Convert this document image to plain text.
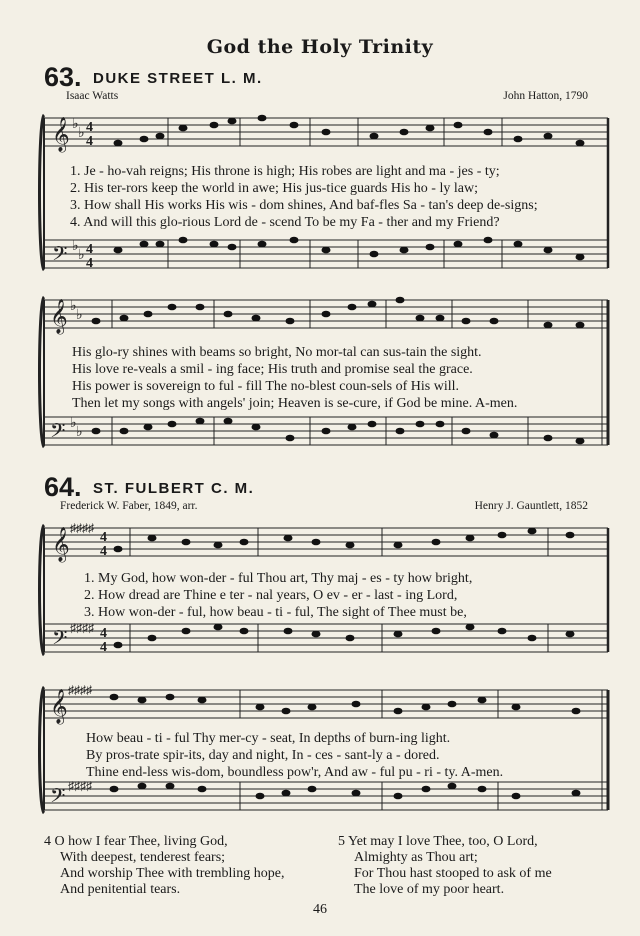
God the Holy Trinity
63. DUKE STREET L. M.
Isaac Watts	John Hatton, 1790
𝄞
𝄢
♭
♭
♭
♭
4
4
4
4
1. Je - ho-vah reigns; His throne is high; His robes are light and ma - jes - ty;
2. His ter-rors keep the world in awe; His jus-tice guards His ho - ly law;
3. How shall His works His wis - dom shines, And baf-fles Sa - tan's deep de-signs;
4. And will this glo-rious Lord de - scend To be my Fa - ther and my Friend?
𝄞
𝄢
♭
♭
♭
♭
His glo-ry shines with beams so bright, No mor-tal can sus-tain the sight.
His love re-veals a smil - ing face; His truth and promise seal the grace.
His power is sovereign to ful - fill The no-blest coun-sels of His will.
Then let my songs with angels' join; Heaven is se-cure, if God be mine. A-men.
64. ST. FULBERT C. M.
Frederick W. Faber, 1849, arr.	Henry J. Gauntlett, 1852
𝄞
𝄢
♯♯♯♯
♯♯♯♯
4
4
4
4
1. My God, how won-der - ful Thou art, Thy maj - es - ty how bright,
2. How dread are Thine e ter - nal years, O ev - er - last - ing Lord,
3. How won-der - ful, how beau - ti - ful, The sight of Thee must be,
𝄞
𝄢
♯♯♯♯
♯♯♯♯
How beau - ti - ful Thy mer-cy - seat, In depths of burn-ing light.
By pros-trate spir-its, day and night, In - ces - sant-ly a - dored.
Thine end-less wis-dom, boundless pow'r, And aw - ful pu - ri - ty. A-men.
4 O how I fear Thee, living God,
With deepest, tenderest fears;
And worship Thee with trembling hope,
And penitential tears.
5 Yet may I love Thee, too, O Lord,
Almighty as Thou art;
For Thou hast stooped to ask of me
The love of my poor heart.
46
